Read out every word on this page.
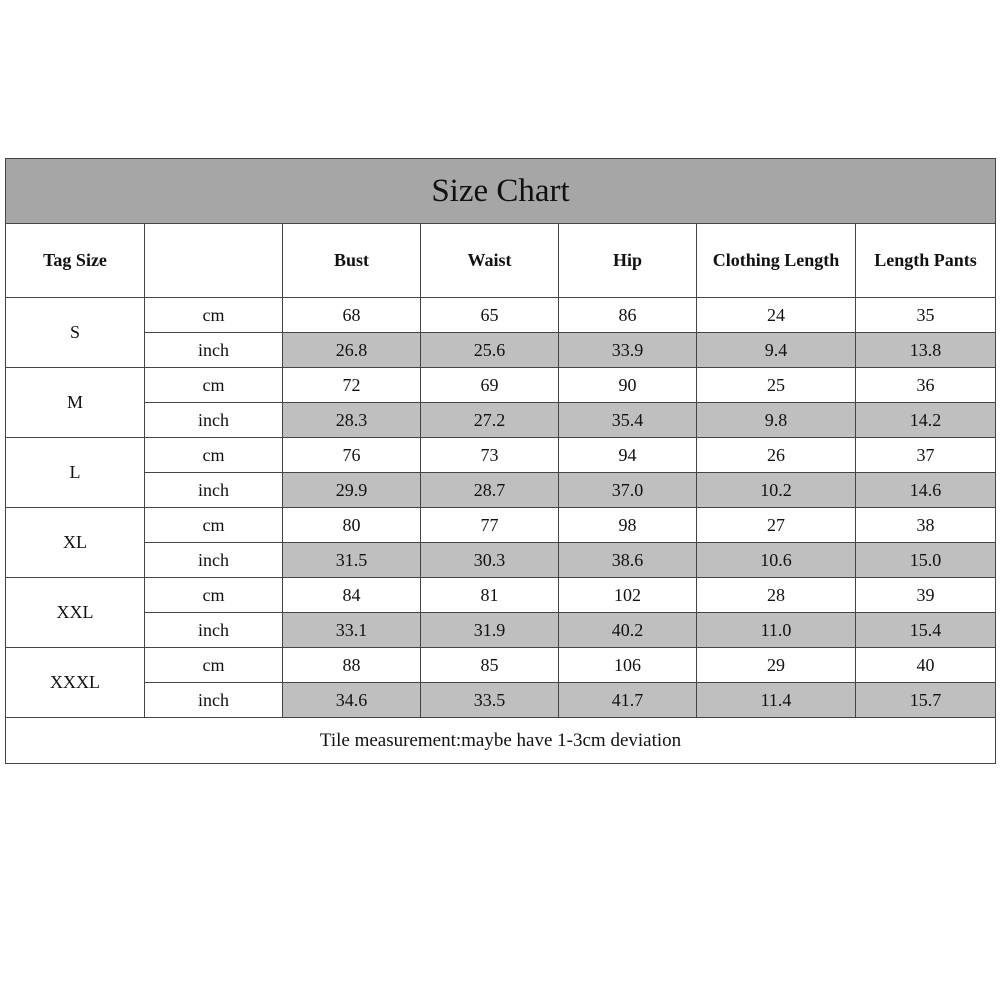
Size Chart						
Tag Size		Bust	Waist	Hip	Clothing Length	Length Pants
S	cm	68	65	86	24	35
	inch	26.8	25.6	33.9	9.4	13.8
M	cm	72	69	90	25	36
	inch	28.3	27.2	35.4	9.8	14.2
L	cm	76	73	94	26	37
	inch	29.9	28.7	37.0	10.2	14.6
XL	cm	80	77	98	27	38
	inch	31.5	30.3	38.6	10.6	15.0
XXL	cm	84	81	102	28	39
	inch	33.1	31.9	40.2	11.0	15.4
XXXL	cm	88	85	106	29	40
	inch	34.6	33.5	41.7	11.4	15.7
Tile measurement:maybe have 1-3cm deviation						
